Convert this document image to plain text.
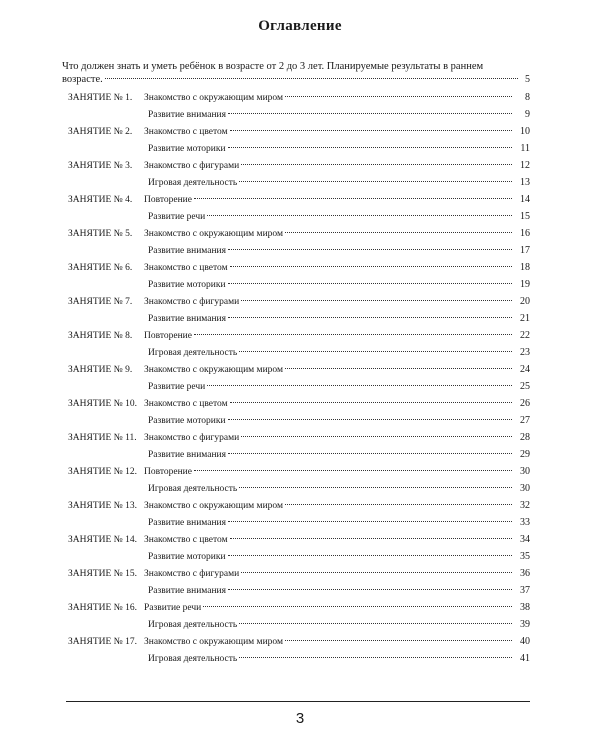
Оглавление
Что должен знать и уметь ребёнок в возрасте от 2 до 3 лет. Планируемые результаты в раннем
возрасте.	5
ЗАНЯТИЕ № 1.	Знакомство с окружающим миром	8
Развитие внимания	9
ЗАНЯТИЕ № 2.	Знакомство с цветом	10
Развитие моторики	11
ЗАНЯТИЕ № 3.	Знакомство с фигурами	12
Игровая деятельность	13
ЗАНЯТИЕ № 4.	Повторение	14
Развитие речи	15
ЗАНЯТИЕ № 5.	Знакомство с окружающим миром	16
Развитие внимания	17
ЗАНЯТИЕ № 6.	Знакомство с цветом	18
Развитие моторики	19
ЗАНЯТИЕ № 7.	Знакомство с фигурами	20
Развитие внимания	21
ЗАНЯТИЕ № 8.	Повторение	22
Игровая деятельность	23
ЗАНЯТИЕ № 9.	Знакомство с окружающим миром	24
Развитие речи	25
ЗАНЯТИЕ № 10. Знакомство с цветом	26
Развитие моторики	27
ЗАНЯТИЕ № 11. Знакомство с фигурами	28
Развитие внимания	29
ЗАНЯТИЕ № 12. Повторение	30
Игровая деятельность	30
ЗАНЯТИЕ № 13. Знакомство с окружающим миром	32
Развитие внимания	33
ЗАНЯТИЕ № 14. Знакомство с цветом	34
Развитие моторики	35
ЗАНЯТИЕ № 15. Знакомство с фигурами	36
Развитие внимания	37
ЗАНЯТИЕ № 16. Развитие речи	38
Игровая деятельность	39
ЗАНЯТИЕ № 17. Знакомство с окружающим миром	40
Игровая деятельность	41
3
